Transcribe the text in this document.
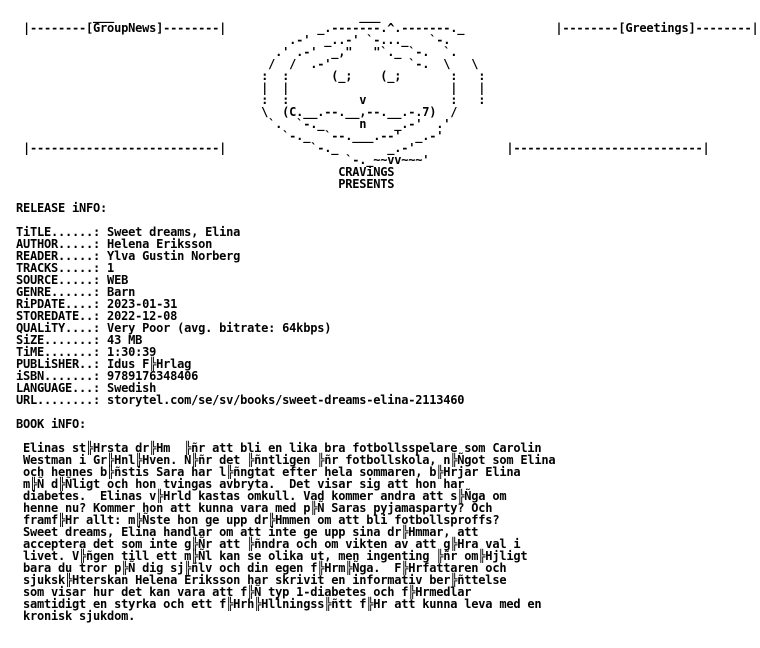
___                                   ___
|--------[GroupNews]--------|             _.-------.^.-------._             |--------[Greetings]--------|
.-'  _..-' `-..._   `-.
.' .-'  _,"   "`._ `-.  `.
/  /  .-'           `-.  \   \
:  :      (_;    (_;       :   :
|  |                       |   |
:  :          v            :   :
\  (C.__.--.__,--.__.-.7)  /
`.  `-._     n    _.-'  .'
`-._  `--.___.--'  _.-'
|---------------------------|            `-._       _.-'             |---------------------------|
`-._~~vv~~~'
CRAViNGS
PRESENTS

RELEASE iNFO:

TiTLE......: Sweet dreams, Elina
AUTHOR.....: Helena Eriksson
READER.....: Ylva Gustin Norberg
TRACKS.....: 1
SOURCE.....: WEB
GENRE......: Barn
RiPDATE....: 2023-01-31
STOREDATE..: 2022-12-08
QUALiTY....: Very Poor (avg. bitrate: 64kbps)
SiZE.......: 43 MB
TiME.......: 1:30:39
PUBLiSHER..: Idus F╠Hrlag
iSBN.......: 9789176348406
LANGUAGE...: Swedish
URL........: storytel.com/se/sv/books/sweet-dreams-elina-2113460

BOOK iNFO:

Elinas st╠Hrsta dr╠Hm  ╠ñr att bli en lika bra fotbollsspelare som Carolin
Westman i Gr╠Hnl╠Hven. N╠ñr det ╠ñntligen ╠ñr fotbollskola, n╠Ñgot som Elina
och hennes b╠ñstis Sara har l╠ñngtat efter hela sommaren, b╠Hrjar Elina
m╠Ñ d╠Ñligt och hon tvingas avbryta.  Det visar sig att hon har
diabetes.  Elinas v╠Hrld kastas omkull. Vad kommer andra att s╠Ñga om
henne nu? Kommer hon att kunna vara med p╠Ñ Saras pyjamasparty? Och
framf╠Hr allt: m╠Ñste hon ge upp dr╠Hmmen om att bli fotbollsproffs?
Sweet dreams, Elina handlar om att inte ge upp sina dr╠Hmmar, att
acceptera det som inte g╠Ñr att ╠ñndra och om vikten av att g╠Hra val i
livet. V╠ñgen till ett m╠Ñl kan se olika ut, men ingenting ╠ñr om╠Hjligt
bara du tror p╠Ñ dig sj╠ñlv och din egen f╠Hrm╠Ñga.  F╠Hrfattaren och
sjuksk╠Hterskan Helena Eriksson har skrivit en informativ ber╠ñttelse
som visar hur det kan vara att f╠Ñ typ 1-diabetes och f╠Hrmedlar
samtidigt en styrka och ett f╠Hrh╠Hllningss╠ñtt f╠Hr att kunna leva med en
kronisk sjukdom.
